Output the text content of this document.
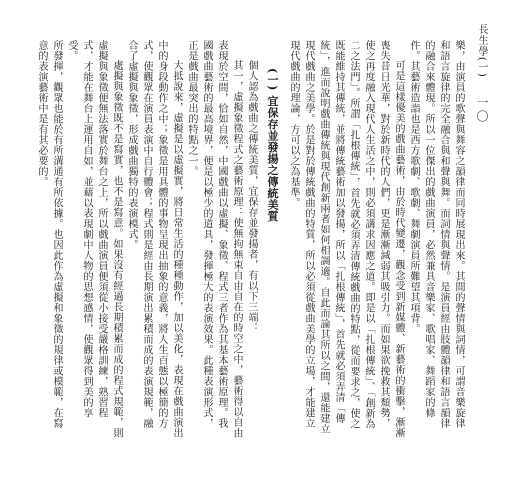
長生學(一)
一〇

樂，由演員的歌聲與舞容之韻律而同時展現出來。其間的聲情與詞情，可謂音樂旋律和語言旋律的完全融合與和聲與舞。而詞情與聲情。是演員經由肢體韻律和語言韻律的融合來體現。所以一位傑出的戲曲演員，必然兼具音樂家、歌唱家、舞蹈家的條件。其藝術造詣也是西方歌劇、歌劇、舞劇演員所難望其項背。

可是這樣優美的戲曲藝術，由於時代變遷，觀念受到新媒體、新藝術的衝擊，漸漸喪失昔日光華，對於新時代的人們，更是漸漸減弱其吸引力。而如果欲挽救其頹勢，使之再度融入現代人生活之中，則必須講求因應之道。即是以「扎根傳統」、「創新為二之法門」。所謂「扎根傳統」，首先就必須弄清傳統戲曲的特點，從而要求之，使之既能維持其傳統，並將傳統藝術加以發揚，所以「扎根傳統」，首先就必須弄清「傳統」，進而說明戲曲傳統與現代創新兩者如何相調適。自此而論其所以之間，還能建立現代戲曲之美學。於是對於傳統戲曲的特質，所以必須從戲曲美學的立場，才能建立現代戲曲的理論，方可以之為基準。

(一) 宜保存並發揚之傳統美質

個人認為戲曲之傳統美質，宜保存並發揚者，有以下三端：

其一，虛擬象徵程式之藝術原理：使無拘無束自由自在的時空之中，藝術得以自由表現於空間，恰如自然，中國戲曲以虛擬、象徵、程式三者作為其基本藝術原理。我國戲曲藝術的最高境界，便是以極少的道具，發揮極大的表演效果。此種表演形式，正是戲曲最突出的特點之一。

大抵說來，虛擬是以虛擬實，將日常生活的種種動作，加以美化，表現在戲曲演出中的身段動作之中；象徵是用具體的事物呈現出抽象的意義，將人生百態以極簡的方式，使觀眾在演員表演中自行體會；程式則是經由長期演出累積而成的表演規範，融合了虛擬與象徵，形成戲曲獨特的表演模式。

處擬與象徵既不是寫實，也不是寫意。如果沒有經過長期積累而成的程式規範，則虛擬與象徵便無法落實於舞台之上，所以戲曲演員便須從小接受嚴格訓練，熟習程式，才能在舞台上運用自如，並藉以表現劇中人物的思想感情，使觀眾得到美的享受。

所發揮，觀眾也能於有所溝通有所依據。也因此作為虛擬和象徵的規律或模範，在寫意的表演藝術中是有其必要的。
